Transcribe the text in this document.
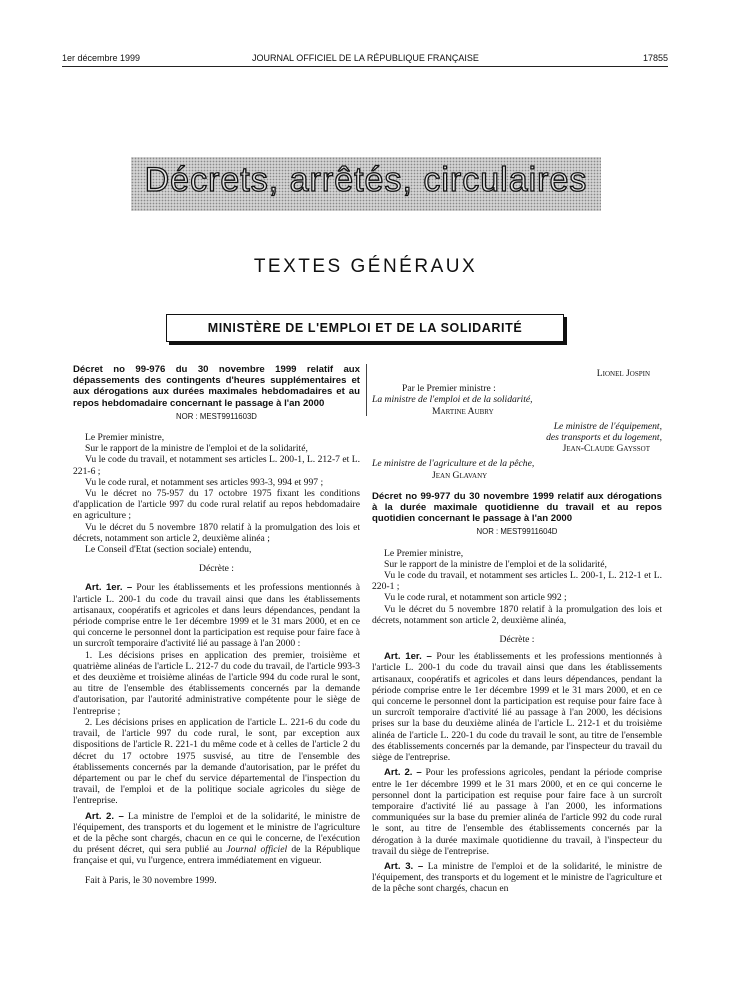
1er décembre 1999	JOURNAL OFFICIEL DE LA RÉPUBLIQUE FRANÇAISE	17855
Décrets, arrêtés, circulaires
TEXTES GÉNÉRAUX
MINISTÈRE DE L'EMPLOI ET DE LA SOLIDARITÉ
Décret no 99-976 du 30 novembre 1999 relatif aux dépassements des contingents d'heures supplémentaires et aux dérogations aux durées maximales hebdomadaires et au repos hebdomadaire concernant le passage à l'an 2000
NOR : MEST9911603D
Le Premier ministre,
Sur le rapport de la ministre de l'emploi et de la solidarité,
Vu le code du travail, et notamment ses articles L. 200-1, L. 212-7 et L. 221-6 ;
Vu le code rural, et notamment ses articles 993-3, 994 et 997 ;
Vu le décret no 75-957 du 17 octobre 1975 fixant les conditions d'application de l'article 997 du code rural relatif au repos hebdomadaire en agriculture ;
Vu le décret du 5 novembre 1870 relatif à la promulgation des lois et décrets, notamment son article 2, deuxième alinéa ;
Le Conseil d'Etat (section sociale) entendu,
Décrète :
Art. 1er. – Pour les établissements et les professions mentionnés à l'article L. 200-1 du code du travail ainsi que dans les établissements artisanaux, coopératifs et agricoles et dans leurs dépendances, pendant la période comprise entre le 1er décembre 1999 et le 31 mars 2000, et en ce qui concerne le personnel dont la participation est requise pour faire face à un surcroît temporaire d'activité lié au passage à l'an 2000 :
1. Les décisions prises en application des premier, troisième et quatrième alinéas de l'article L. 212-7 du code du travail, de l'article 993-3 et des deuxième et troisième alinéas de l'article 994 du code rural le sont, au titre de l'ensemble des établissements concernés par la demande d'autorisation, par l'autorité administrative compétente pour le siège de l'entreprise ;
2. Les décisions prises en application de l'article L. 221-6 du code du travail, de l'article 997 du code rural, le sont, par exception aux dispositions de l'article R. 221-1 du même code et à celles de l'article 2 du décret du 17 octobre 1975 susvisé, au titre de l'ensemble des établissements concernés par la demande d'autorisation, par le préfet du département ou par le chef du service départemental de l'inspection du travail, de l'emploi et de la politique sociale agricoles du siège de l'entreprise.
Art. 2. – La ministre de l'emploi et de la solidarité, le ministre de l'équipement, des transports et du logement et le ministre de l'agriculture et de la pêche sont chargés, chacun en ce qui le concerne, de l'exécution du présent décret, qui sera publié au Journal officiel de la République française et qui, vu l'urgence, entrera immédiatement en vigueur.
Fait à Paris, le 30 novembre 1999.
Lionel Jospin
Par le Premier ministre :
La ministre de l'emploi et de la solidarité,
Martine Aubry
Le ministre de l'équipement,
des transports et du logement,
Jean-Claude Gayssot
Le ministre de l'agriculture et de la pêche,
Jean Glavany
Décret no 99-977 du 30 novembre 1999 relatif aux dérogations à la durée maximale quotidienne du travail et au repos quotidien concernant le passage à l'an 2000
NOR : MEST9911604D
Le Premier ministre,
Sur le rapport de la ministre de l'emploi et de la solidarité,
Vu le code du travail, et notamment ses articles L. 200-1, L. 212-1 et L. 220-1 ;
Vu le code rural, et notamment son article 992 ;
Vu le décret du 5 novembre 1870 relatif à la promulgation des lois et décrets, notamment son article 2, deuxième alinéa,
Décrète :
Art. 1er. – Pour les établissements et les professions mentionnés à l'article L. 200-1 du code du travail ainsi que dans les établissements artisanaux, coopératifs et agricoles et dans leurs dépendances, pendant la période comprise entre le 1er décembre 1999 et le 31 mars 2000, et en ce qui concerne le personnel dont la participation est requise pour faire face à un surcroît temporaire d'activité lié au passage à l'an 2000, les décisions prises sur la base du deuxième alinéa de l'article L. 212-1 et du troisième alinéa de l'article L. 220-1 du code du travail le sont, au titre de l'ensemble des établissements concernés par la demande, par l'inspecteur du travail du siège de l'entreprise.
Art. 2. – Pour les professions agricoles, pendant la période comprise entre le 1er décembre 1999 et le 31 mars 2000, et en ce qui concerne le personnel dont la participation est requise pour faire face à un surcroît temporaire d'activité lié au passage à l'an 2000, les informations communiquées sur la base du premier alinéa de l'article 992 du code rural le sont, au titre de l'ensemble des établissements concernés par la dérogation à la durée maximale quotidienne du travail, à l'inspecteur du travail du siège de l'entreprise.
Art. 3. – La ministre de l'emploi et de la solidarité, le ministre de l'équipement, des transports et du logement et le ministre de l'agriculture et de la pêche sont chargés, chacun en
